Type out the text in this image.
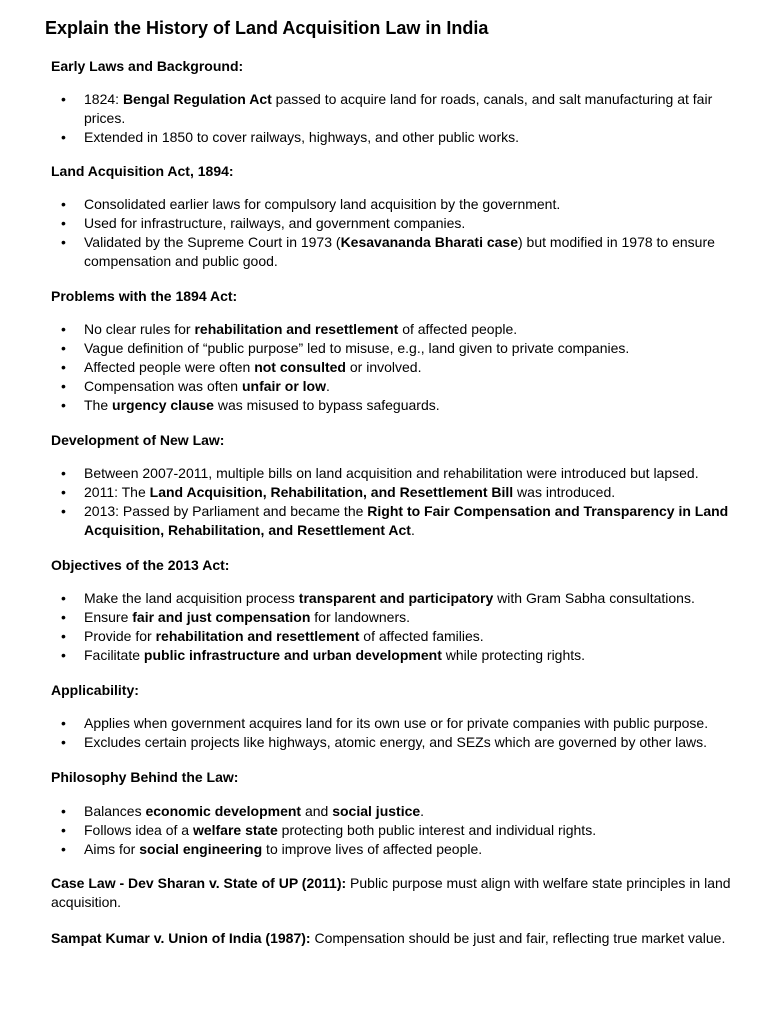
Explain the History of Land Acquisition Law in India
Early Laws and Background:
• 1824: Bengal Regulation Act passed to acquire land for roads, canals, and salt manufacturing at fair prices.
• Extended in 1850 to cover railways, highways, and other public works.
Land Acquisition Act, 1894:
• Consolidated earlier laws for compulsory land acquisition by the government.
• Used for infrastructure, railways, and government companies.
• Validated by the Supreme Court in 1973 (Kesavananda Bharati case) but modified in 1978 to ensure compensation and public good.
Problems with the 1894 Act:
• No clear rules for rehabilitation and resettlement of affected people.
• Vague definition of “public purpose” led to misuse, e.g., land given to private companies.
• Affected people were often not consulted or involved.
• Compensation was often unfair or low.
• The urgency clause was misused to bypass safeguards.
Development of New Law:
• Between 2007-2011, multiple bills on land acquisition and rehabilitation were introduced but lapsed.
• 2011: The Land Acquisition, Rehabilitation, and Resettlement Bill was introduced.
• 2013: Passed by Parliament and became the Right to Fair Compensation and Transparency in Land Acquisition, Rehabilitation, and Resettlement Act.
Objectives of the 2013 Act:
• Make the land acquisition process transparent and participatory with Gram Sabha consultations.
• Ensure fair and just compensation for landowners.
• Provide for rehabilitation and resettlement of affected families.
• Facilitate public infrastructure and urban development while protecting rights.
Applicability:
• Applies when government acquires land for its own use or for private companies with public purpose.
• Excludes certain projects like highways, atomic energy, and SEZs which are governed by other laws.
Philosophy Behind the Law:
• Balances economic development and social justice.
• Follows idea of a welfare state protecting both public interest and individual rights.
• Aims for social engineering to improve lives of affected people.

Case Law - Dev Sharan v. State of UP (2011): Public purpose must align with welfare state principles in land acquisition.

Sampat Kumar v. Union of India (1987): Compensation should be just and fair, reflecting true market value.
